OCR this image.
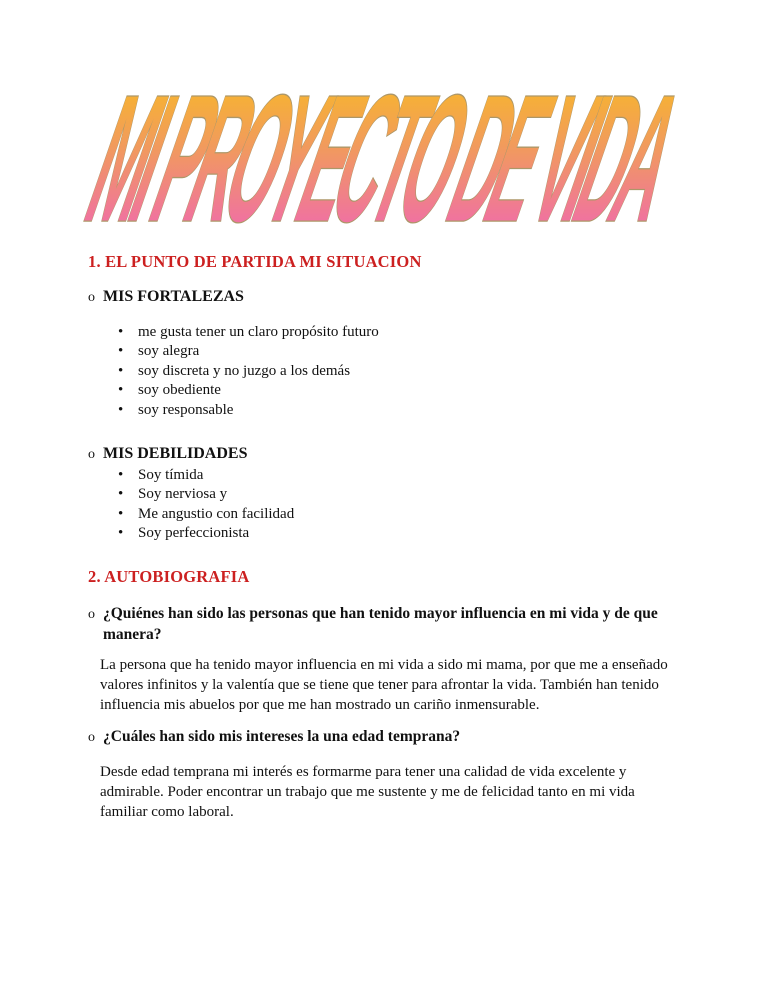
MI PROYECTO DE VIDA
1. EL PUNTO DE PARTIDA MI SITUACION
o MIS FORTALEZAS
• me gusta tener un claro propósito futuro
• soy alegra
• soy discreta y no juzgo a los demás
• soy obediente
• soy responsable
o MIS DEBILIDADES
• Soy tímida
• Soy nerviosa y
• Me angustio con facilidad
• Soy perfeccionista
2. AUTOBIOGRAFIA
o ¿Quiénes han sido las personas que han tenido mayor influencia en mi vida y de que
manera?
La persona que ha tenido mayor influencia en mi vida a sido mi mama, por que me a enseñado
valores infinitos y la valentía que se tiene que tener para afrontar la vida. También han tenido
influencia mis abuelos por que me han mostrado un cariño inmensurable.
o ¿Cuáles han sido mis intereses la una edad temprana?
Desde edad temprana mi interés es formarme para tener una calidad de vida excelente y
admirable. Poder encontrar un trabajo que me sustente y me de felicidad tanto en mi vida
familiar como laboral.
